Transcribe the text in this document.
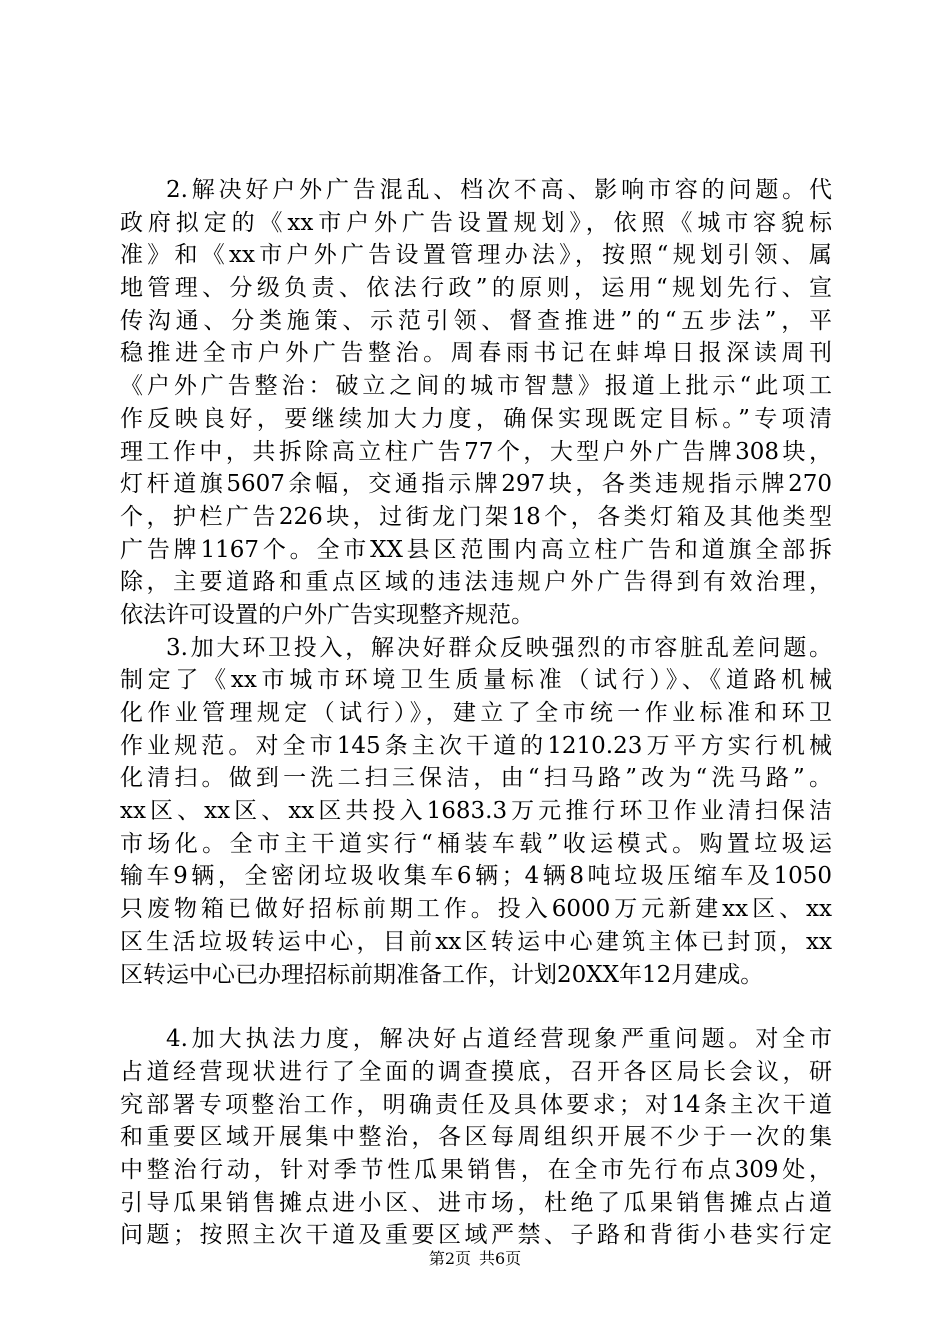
2.解决好户外广告混乱、档次不高、影响市容的问题。代
政府拟定的《xx市户外广告设置规划》，依照《城市容貌标
准》和《xx市户外广告设置管理办法》，按照“规划引领、属
地管理、分级负责、依法行政”的原则，运用“规划先行、宣
传沟通、分类施策、示范引领、督查推进”的“五步法”，平
稳推进全市户外广告整治。周春雨书记在蚌埠日报深读周刊
《户外广告整治：破立之间的城市智慧》报道上批示“此项工
作反映良好，要继续加大力度，确保实现既定目标。”专项清
理工作中，共拆除高立柱广告77个，大型户外广告牌308块，
灯杆道旗5607余幅，交通指示牌297块，各类违规指示牌270
个，护栏广告226块，过街龙门架18个，各类灯箱及其他类型
广告牌1167个。全市XX县区范围内高立柱广告和道旗全部拆
除，主要道路和重点区域的违法违规户外广告得到有效治理，
依法许可设置的户外广告实现整齐规范。
3.加大环卫投入，解决好群众反映强烈的市容脏乱差问题。
制定了《xx市城市环境卫生质量标准（试行）》、《道路机械
化作业管理规定（试行）》，建立了全市统一作业标准和环卫
作业规范。对全市145条主次干道的1210.23万平方实行机械
化清扫。做到一洗二扫三保洁，由“扫马路”改为“洗马路”。
xx区、xx区、xx区共投入1683.3万元推行环卫作业清扫保洁
市场化。全市主干道实行“桶装车载”收运模式。购置垃圾运
输车9辆，全密闭垃圾收集车6辆；4辆8吨垃圾压缩车及1050
只废物箱已做好招标前期工作。投入6000万元新建xx区、xx
区生活垃圾转运中心，目前xx区转运中心建筑主体已封顶，xx
区转运中心已办理招标前期准备工作，计划20XX年12月建成。
4.加大执法力度，解决好占道经营现象严重问题。对全市
占道经营现状进行了全面的调查摸底，召开各区局长会议，研
究部署专项整治工作，明确责任及具体要求；对14条主次干道
和重要区域开展集中整治，各区每周组织开展不少于一次的集
中整治行动，针对季节性瓜果销售，在全市先行布点309处，
引导瓜果销售摊点进小区、进市场，杜绝了瓜果销售摊点占道
问题；按照主次干道及重要区域严禁、子路和背街小巷实行定
第2页 共6页
